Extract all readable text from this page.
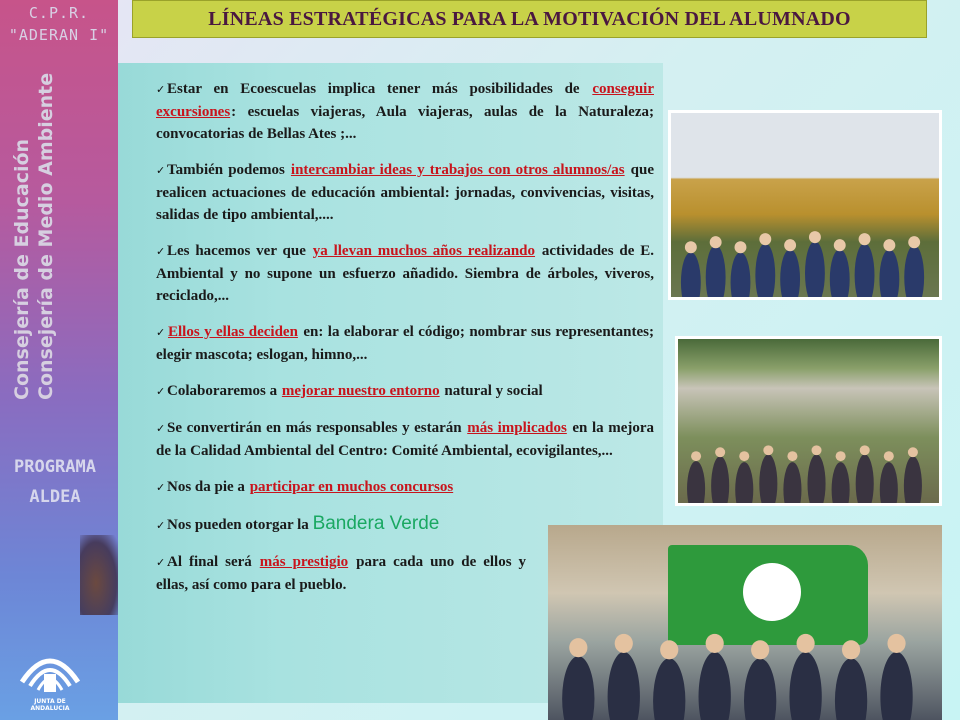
C.P.R.
"ADERAN I"
Consejería de Educación Consejería de Medio Ambiente
PROGRAMA
ALDEA
JUNTA DE ANDALUCIA
LÍNEAS ESTRATÉGICAS PARA LA MOTIVACIÓN DEL ALUMNADO
✓ Estar en Ecoescuelas implica tener más posibilidades de conseguir excursiones: escuelas viajeras, Aula viajeras, aulas de la Naturaleza; convocatorias de Bellas Ates ;...
✓ También podemos intercambiar ideas y trabajos con otros alumnos/as que realicen actuaciones de educación ambiental: jornadas, convivencias, visitas, salidas de tipo ambiental,....
✓ Les hacemos ver que ya llevan muchos años realizando actividades de E. Ambiental y no supone un esfuerzo añadido. Siembra de árboles, viveros, reciclado,...
✓ Ellos y ellas deciden en: la elaborar el código; nombrar sus representantes; elegir mascota; eslogan, himno,...
✓ Colaboraremos a mejorar nuestro entorno natural y social
✓ Se convertirán en más responsables y estarán más implicados en la mejora de la Calidad Ambiental del Centro: Comité Ambiental, ecovigilantes,...
✓ Nos da pie a participar en muchos concursos
✓ Nos pueden otorgar la Bandera Verde
✓ Al final será más prestigio para cada uno de ellos y ellas, así como para el pueblo.
